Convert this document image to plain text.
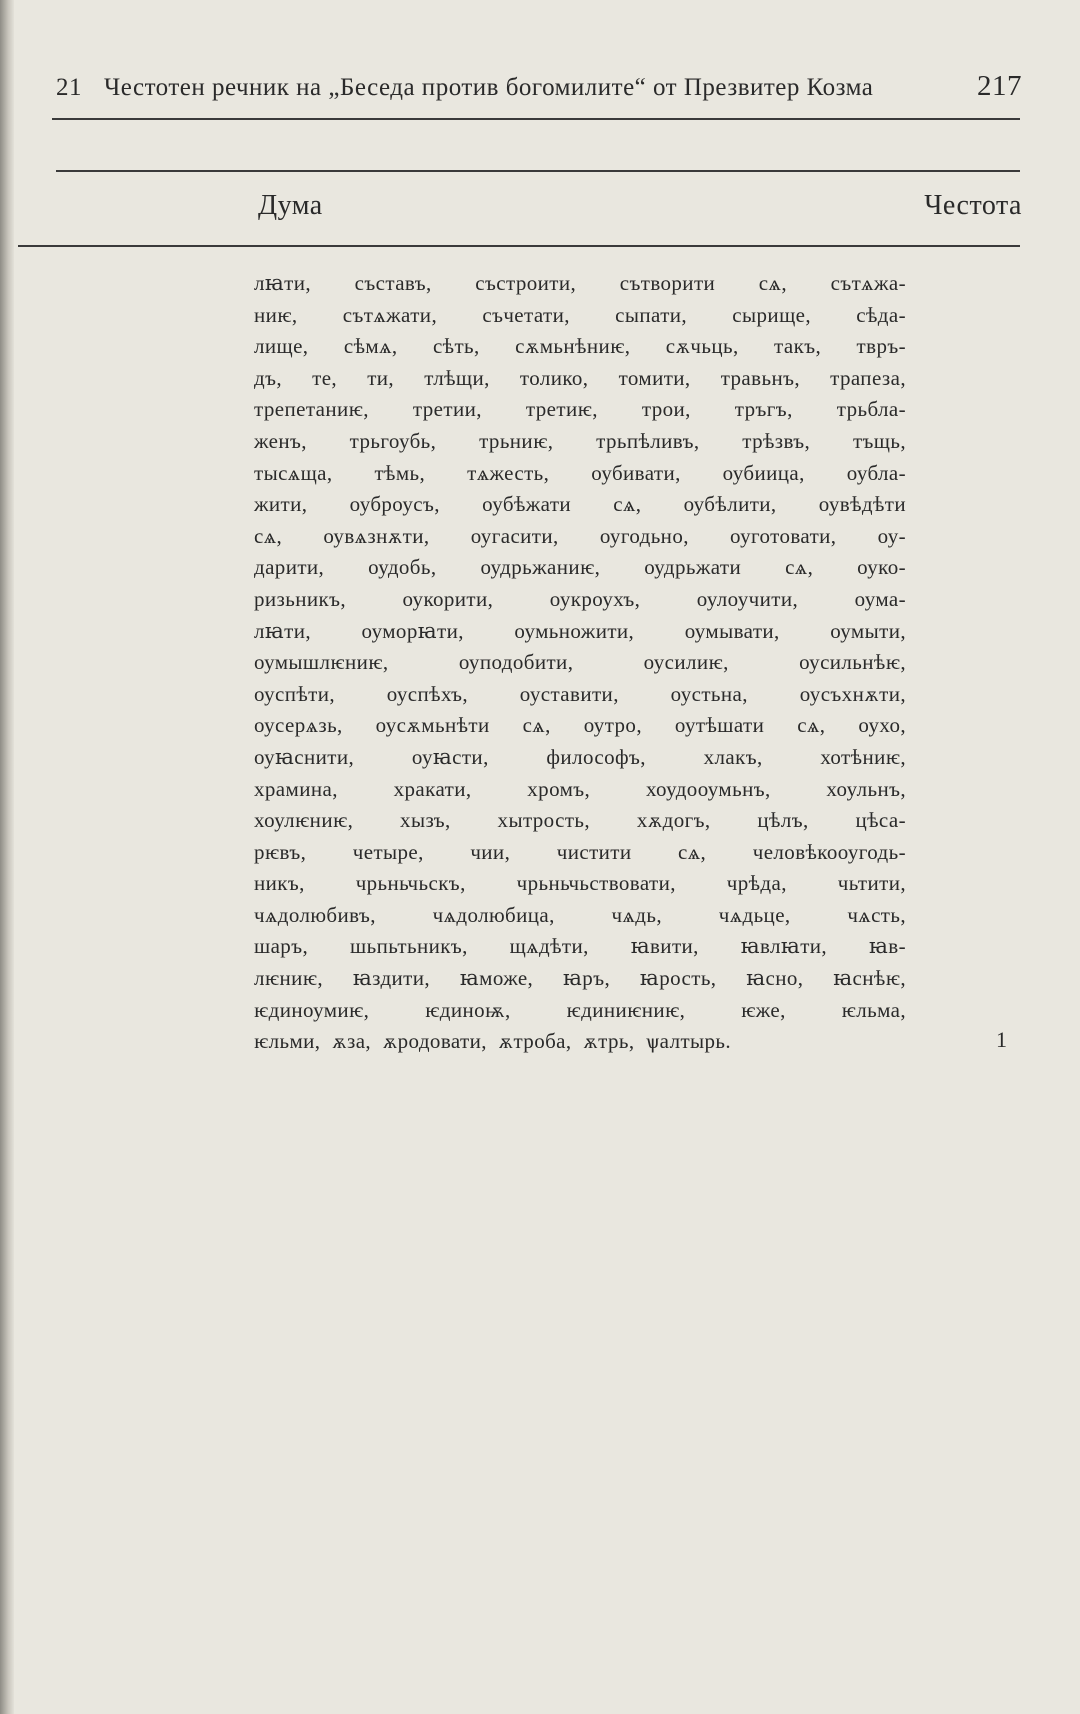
21 Честотен речник на „Беседа против богомилите“ от Презвитер Козма	217
Дума	Честота

лꙗти, съставъ, състроити, сътворити сѧ, сътѧжа-
ниѥ, сътѧжати, съчетати, сыпати, сырище, сѣда-
лище, сѣмѧ, сѣть, сѫмьнѣниѥ, сѫчьць, такъ, твръ-
дъ, те, ти, тлѣщи, толико, томити, травьнъ, трапеза,
трепетаниѥ, третии, третиѥ, трои, тръгъ, трьбла-
женъ, трьгоубь, трьниѥ, трьпѣливъ, трѣзвъ, тъщь,
тысѧща, тѣмь, тѧжесть, оубивати, оубиица, оубла-
жити, оуброусъ, оубѣжати сѧ, оубѣлити, оувѣдѣти
сѧ, оувѧзнѫти, оугасити, оугодьно, оуготовати, оу-
дарити, оудобь, оудрьжаниѥ, оудрьжати сѧ, оуко-
ризьникъ, оукорити, оукроухъ, оулоучити, оума-
лꙗти, оуморꙗти, оумьножити, оумывати, оумыти,
оумышлѥниѥ, оуподобити, оусилиѥ, оусильнѣѥ,
оуспѣти, оуспѣхъ, оуставити, оустьна, оусъхнѫти,
оусерѧзь, оусѫмьнѣти сѧ, оутро, оутѣшати сѧ, оухо,
оуꙗснити, оуꙗсти, философъ, хлакъ, хотѣниѥ,
храмина, хракати, хромъ, хоудооумьнъ, хоульнъ,
хоулѥниѥ, хызъ, хытрость, хѫдогъ, цѣлъ, цѣса-
рѥвъ, четыре, чии, чистити сѧ, человѣкооугодь-
никъ, чрьньчьскъ, чрьньчьствовати, чрѣда, чьтити,
чѧдолюбивъ, чѧдолюбица, чѧдь, чѧдьце, чѧсть,
шаръ, шьпьтьникъ, щѧдѣти, ꙗвити, ꙗвлꙗти, ꙗв-
лѥниѥ, ꙗздити, ꙗможе, ꙗръ, ꙗрость, ꙗсно, ꙗснѣѥ,
ѥдиноумиѥ, ѥдиноѭ, ѥдиниѥниѥ, ѥже, ѥльма,
ѥльми, ѫза, ѫродовати, ѫтроба, ѫтрь, ѱалтырь.	1
